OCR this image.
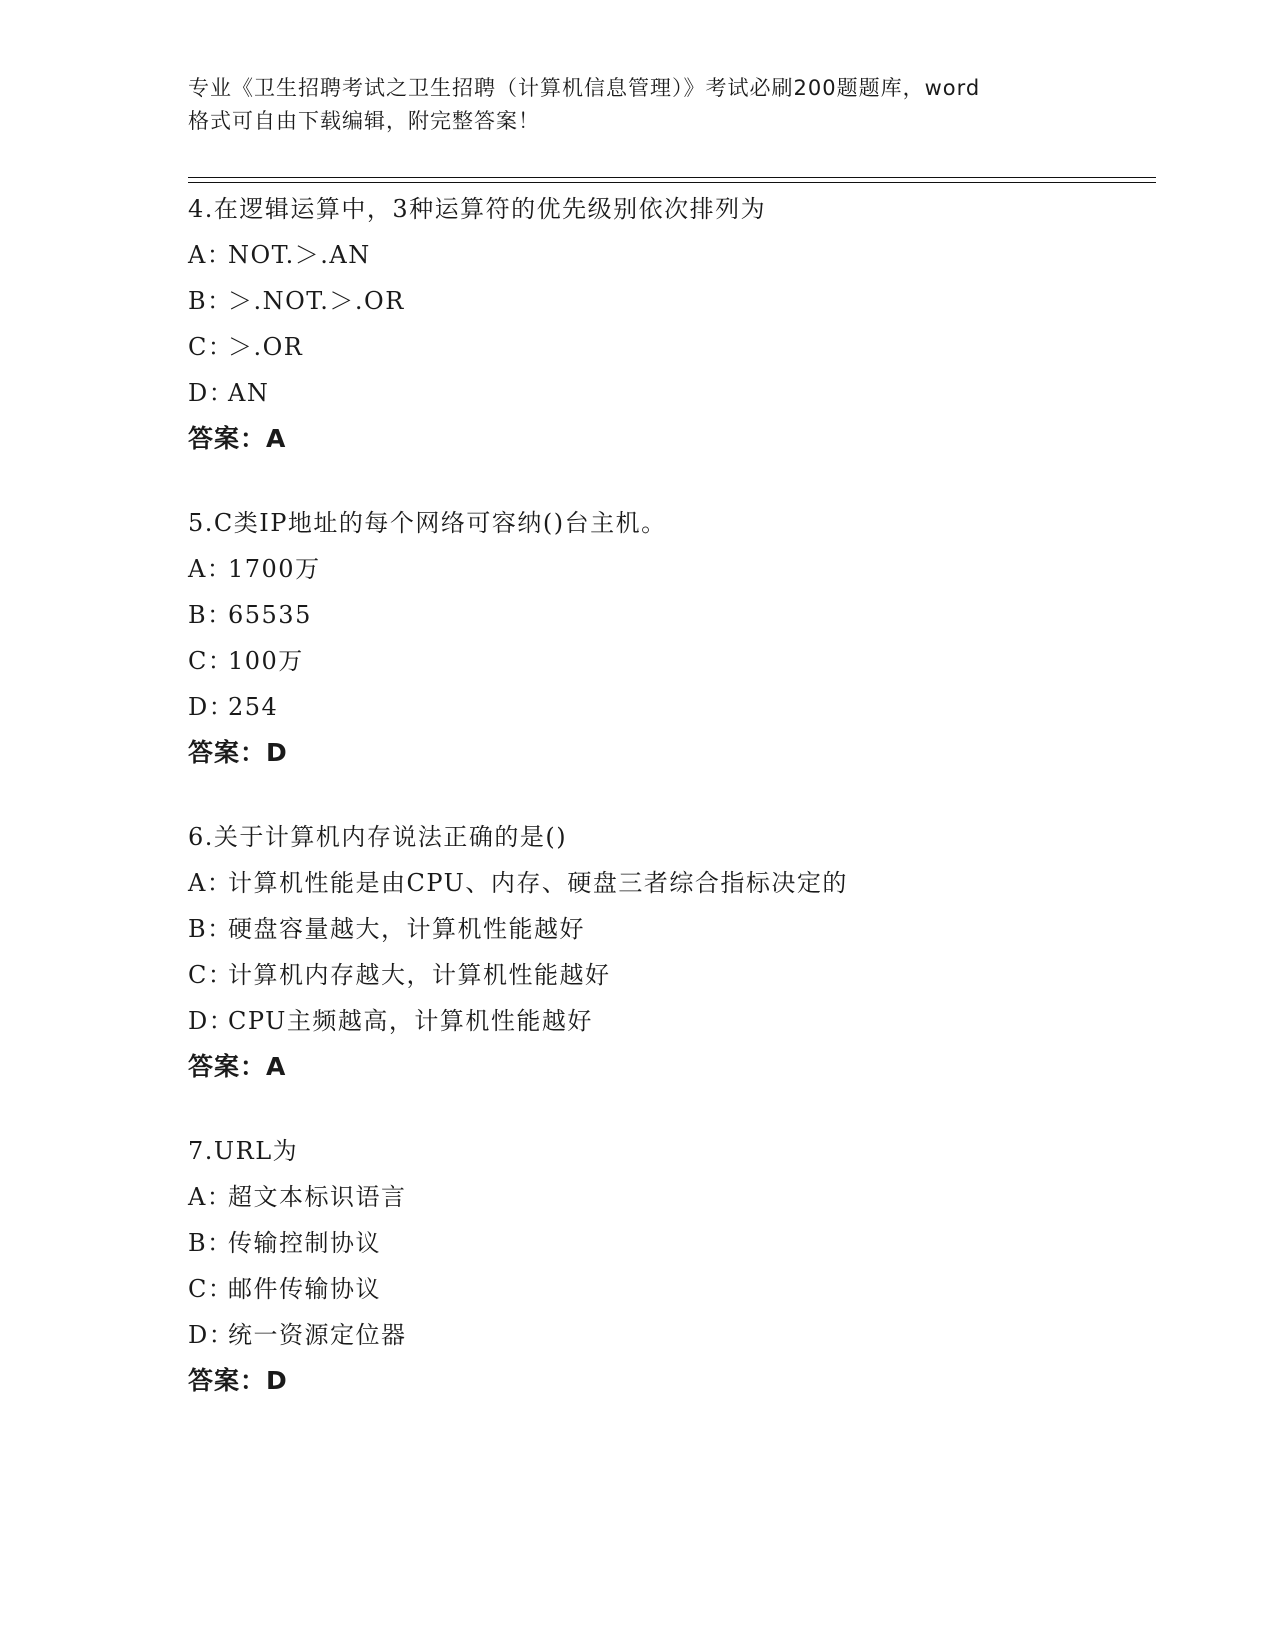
专业《卫生招聘考试之卫生招聘（计算机信息管理）》考试必刷200题题库，word
格式可自由下载编辑，附完整答案！
4.在逻辑运算中，3种运算符的优先级别依次排列为
A：NOT.＞.AN
B：＞.NOT.＞.OR
C：＞.OR
D：AN
答案：A
5.C类IP地址的每个网络可容纳()台主机。
A：1700万
B：65535
C：100万
D：254
答案：D
6.关于计算机内存说法正确的是()
A：计算机性能是由CPU、内存、硬盘三者综合指标决定的
B：硬盘容量越大，计算机性能越好
C：计算机内存越大，计算机性能越好
D：CPU主频越高，计算机性能越好
答案：A
7.URL为
A：超文本标识语言
B：传输控制协议
C：邮件传输协议
D：统一资源定位器
答案：D
